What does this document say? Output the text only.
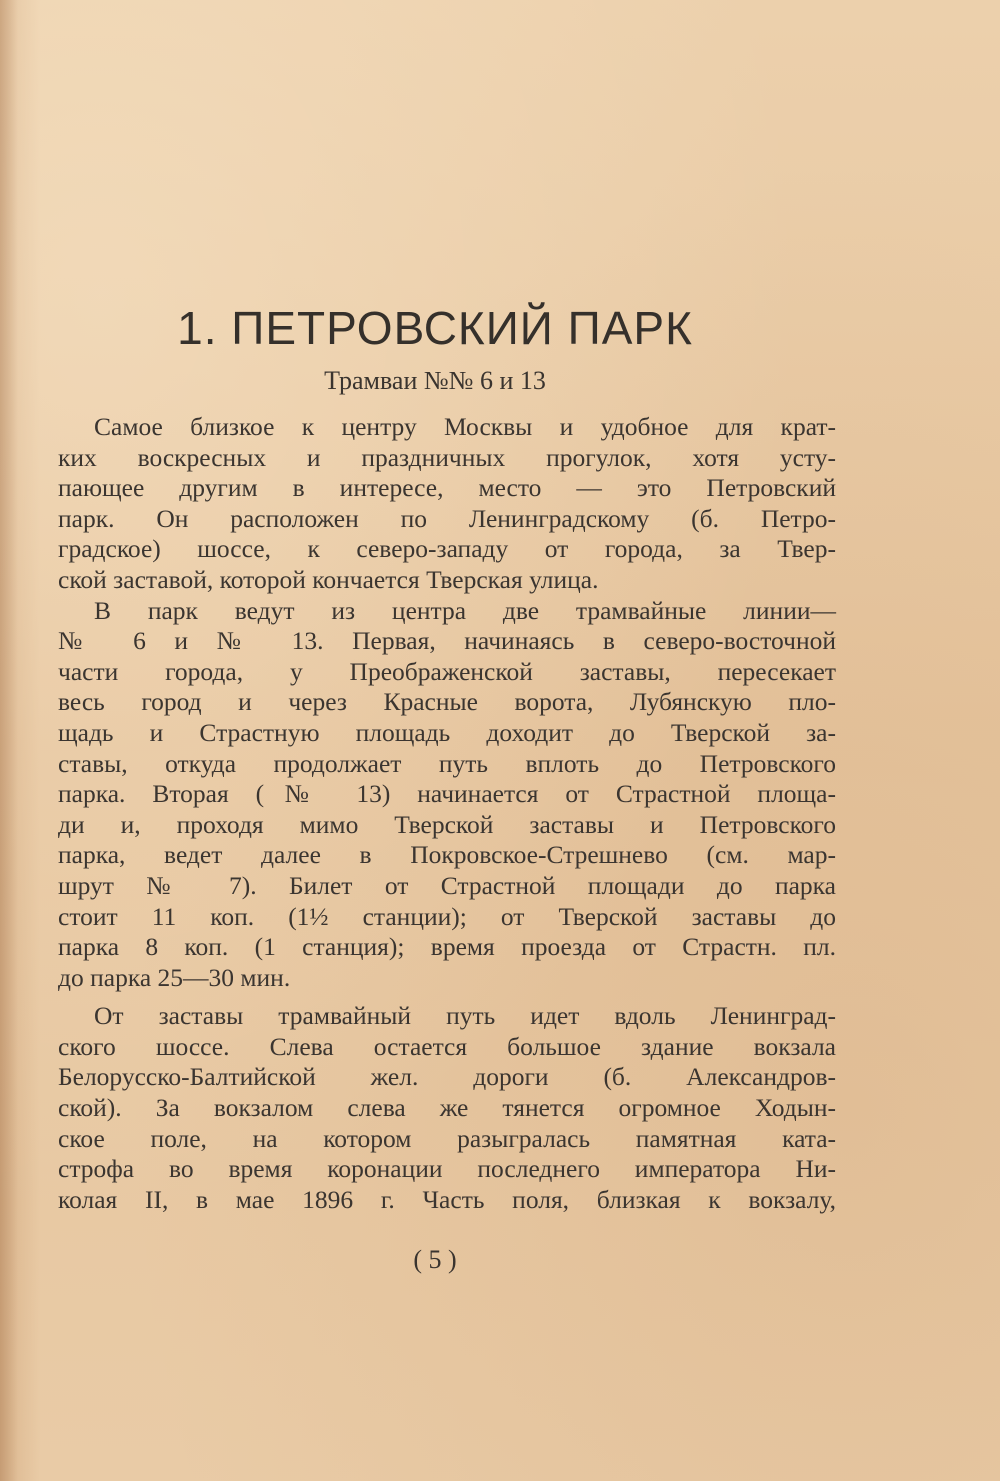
1. ПЕТРОВСКИЙ ПАРК
Трамваи №№ 6 и 13

Самое близкое к центру Москвы и удобное для крат-
ких воскресных и праздничных прогулок, хотя усту-
пающее другим в интересе, место — это Петровский
парк. Он расположен по Ленинградскому (б. Петро-
градское) шоссе, к северо-западу от города, за Твер-
ской заставой, которой кончается Тверская улица.

В парк ведут из центра две трамвайные линии—
№ 6 и № 13. Первая, начинаясь в северо-восточной
части города, у Преображенской заставы, пересекает
весь город и через Красные ворота, Лубянскую пло-
щадь и Страстную площадь доходит до Тверской за-
ставы, откуда продолжает путь вплоть до Петровского
парка. Вторая (№ 13) начинается от Страстной площа-
ди и, проходя мимо Тверской заставы и Петровского
парка, ведет далее в Покровское-Стрешнево (см. мар-
шрут № 7). Билет от Страстной площади до парка
стоит 11 коп. (1½ станции); от Тверской заставы до
парка 8 коп. (1 станция); время проезда от Страстн. пл.
до парка 25—30 мин.

От заставы трамвайный путь идет вдоль Ленинград-
ского шоссе. Слева остается большое здание вокзала
Белорусско-Балтийской жел. дороги (б. Александров-
ской). За вокзалом слева же тянется огромное Ходын-
ское поле, на котором разыгралась памятная ката-
строфа во время коронации последнего императора Ни-
колая II, в мае 1896 г. Часть поля, близкая к вокзалу,

( 5 )
